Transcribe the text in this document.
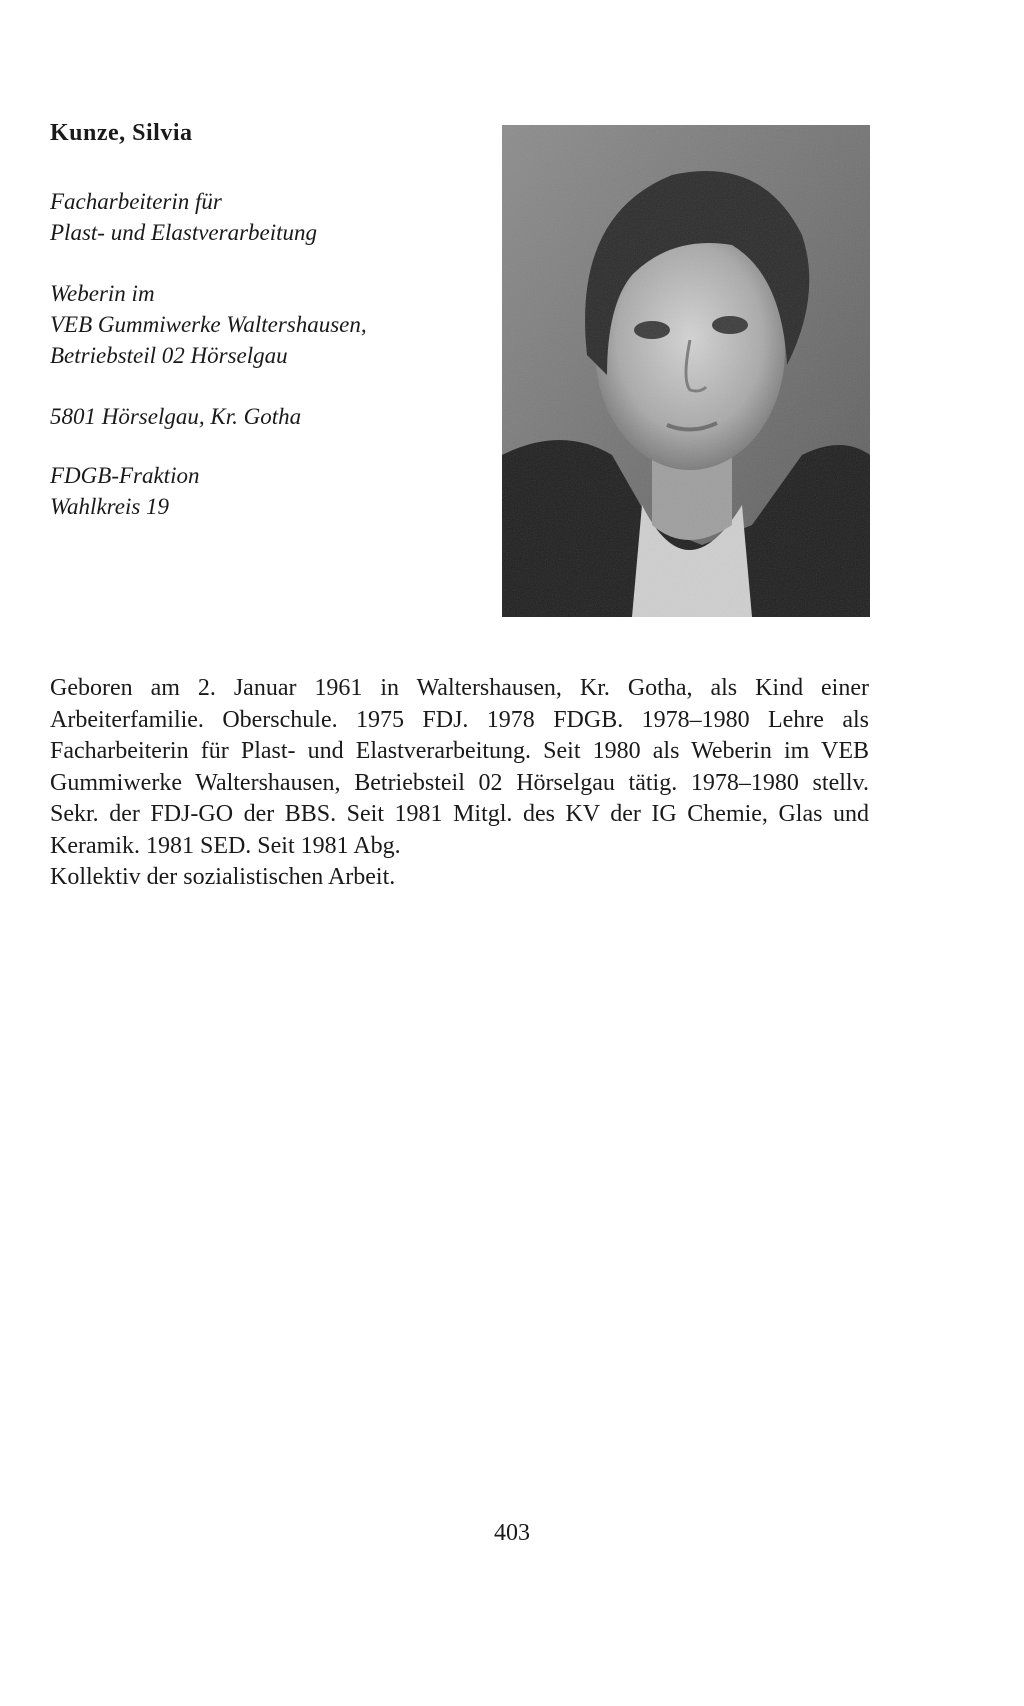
Kunze, Silvia
Facharbeiterin für
Plast- und Elastverarbeitung
Weberin im
VEB Gummiwerke Waltershausen,
Betriebsteil 02 Hörselgau
5801 Hörselgau, Kr. Gotha
FDGB-Fraktion
Wahlkreis 19
Geboren am 2. Januar 1961 in Waltershausen, Kr. Gotha, als Kind einer Arbeiterfamilie. Oberschule. 1975 FDJ. 1978 FDGB. 1978–1980 Lehre als Facharbeiterin für Plast- und Elastverarbeitung. Seit 1980 als Weberin im VEB Gummiwerke Waltershausen, Betriebsteil 02 Hörselgau tätig. 1978–1980 stellv. Sekr. der FDJ-GO der BBS. Seit 1981 Mitgl. des KV der IG Chemie, Glas und Keramik. 1981 SED. Seit 1981 Abg.
Kollektiv der sozialistischen Arbeit.
403
